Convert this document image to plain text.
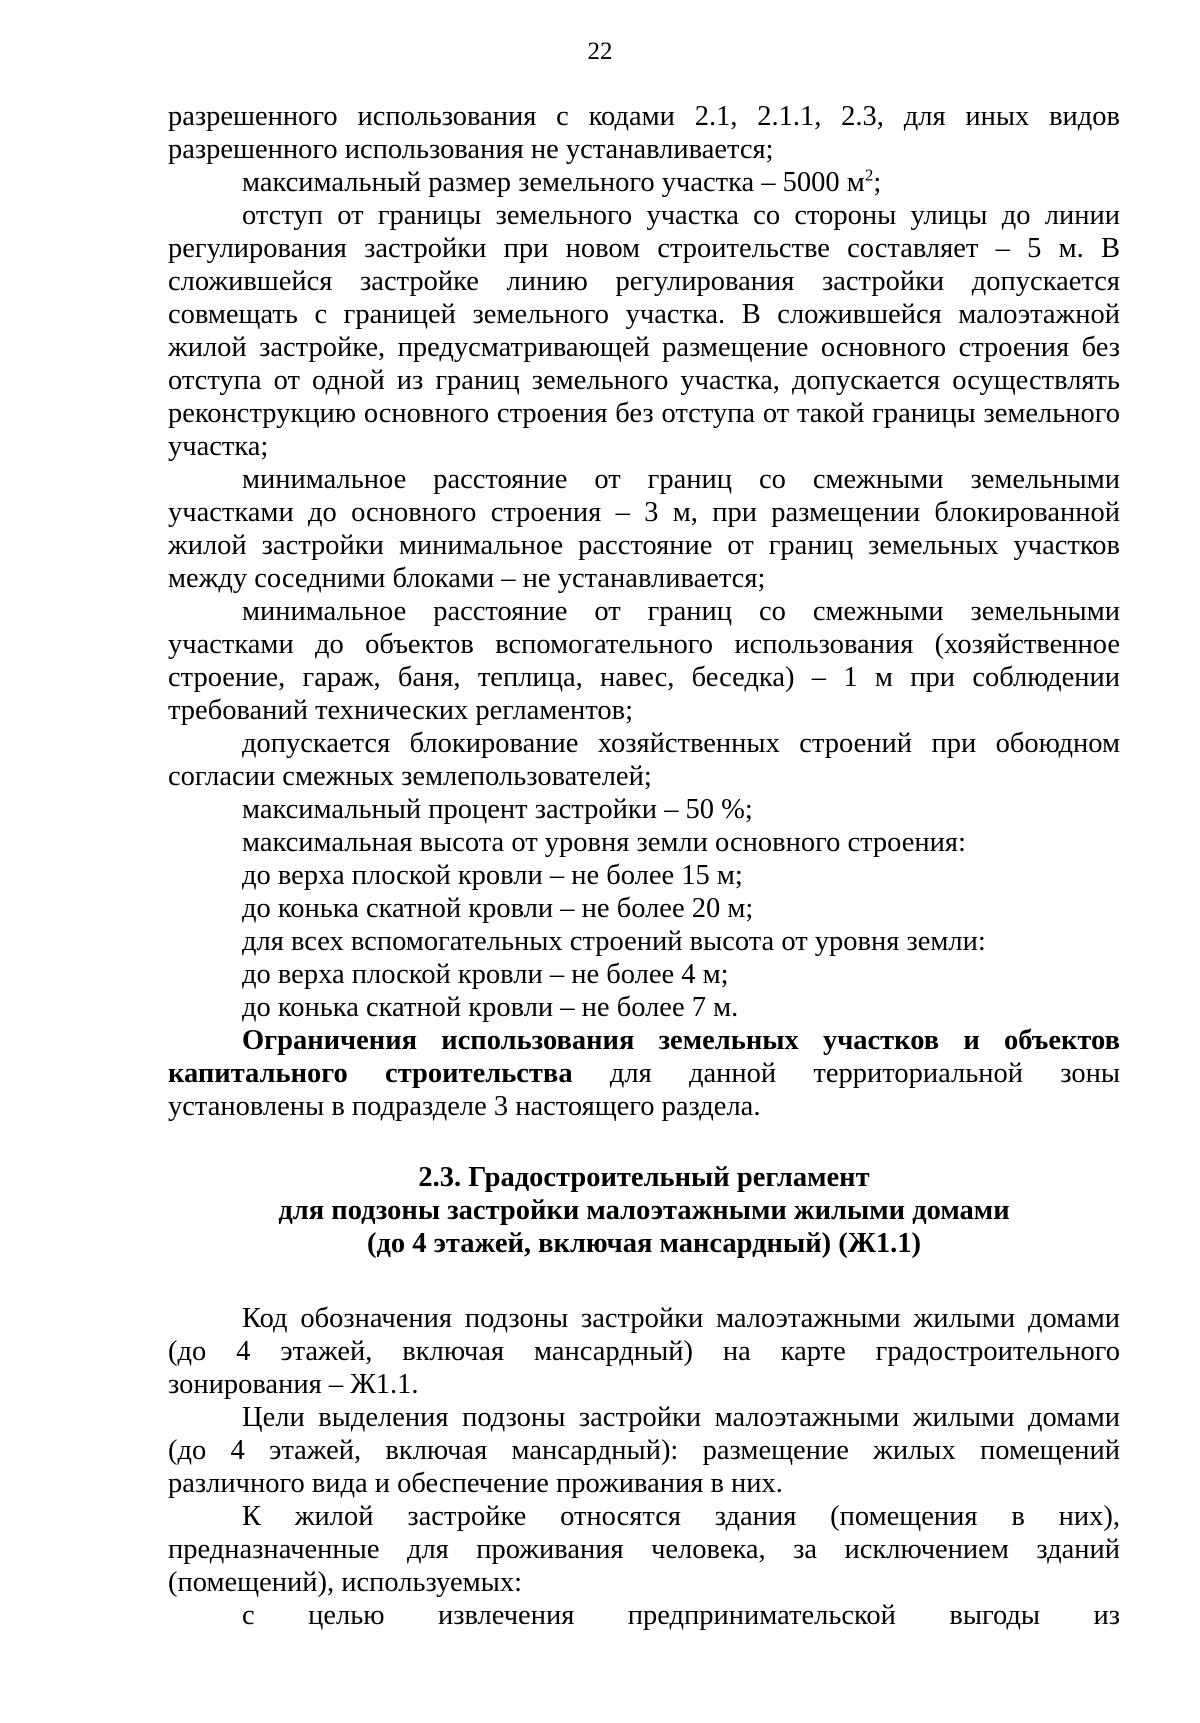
22

разрешенного использования с кодами 2.1, 2.1.1, 2.3, для иных видов разрешенного использования не устанавливается;

максимальный размер земельного участка – 5000 $м^2$;

отступ от границы земельного участка со стороны улицы до линии регулирования застройки при новом строительстве составляет – 5 м. В сложившейся застройке линию регулирования застройки допускается совмещать с границей земельного участка. В сложившейся малоэтажной жилой застройке, предусматривающей размещение основного строения без отступа от одной из границ земельного участка, допускается осуществлять реконструкцию основного строения без отступа от такой границы земельного участка;

минимальное расстояние от границ со смежными земельными участками до основного строения – 3 м, при размещении блокированной жилой застройки минимальное расстояние от границ земельных участков между соседними блоками – не устанавливается;

минимальное расстояние от границ со смежными земельными участками до объектов вспомогательного использования (хозяйственное строение, гараж, баня, теплица, навес, беседка) – 1 м при соблюдении требований технических регламентов;

допускается блокирование хозяйственных строений при обоюдном согласии смежных землепользователей;

максимальный процент застройки – 50 %;

максимальная высота от уровня земли основного строения:

до верха плоской кровли – не более 15 м;

до конька скатной кровли – не более 20 м;

для всех вспомогательных строений высота от уровня земли:

до верха плоской кровли – не более 4 м;

до конька скатной кровли – не более 7 м.

Ограничения использования земельных участков и объектов капитального строительства для данной территориальной зоны установлены в подразделе 3 настоящего раздела.

2.3. Градостроительный регламент
для подзоны застройки малоэтажными жилыми домами
(до 4 этажей, включая мансардный) (Ж1.1)

Код обозначения подзоны застройки малоэтажными жилыми домами (до 4 этажей, включая мансардный) на карте градостроительного зонирования – Ж1.1.

Цели выделения подзоны застройки малоэтажными жилыми домами (до 4 этажей, включая мансардный): размещение жилых помещений различного вида и обеспечение проживания в них.

К жилой застройке относятся здания (помещения в них), предназначенные для проживания человека, за исключением зданий (помещений), используемых:

с целью извлечения предпринимательской выгоды из
